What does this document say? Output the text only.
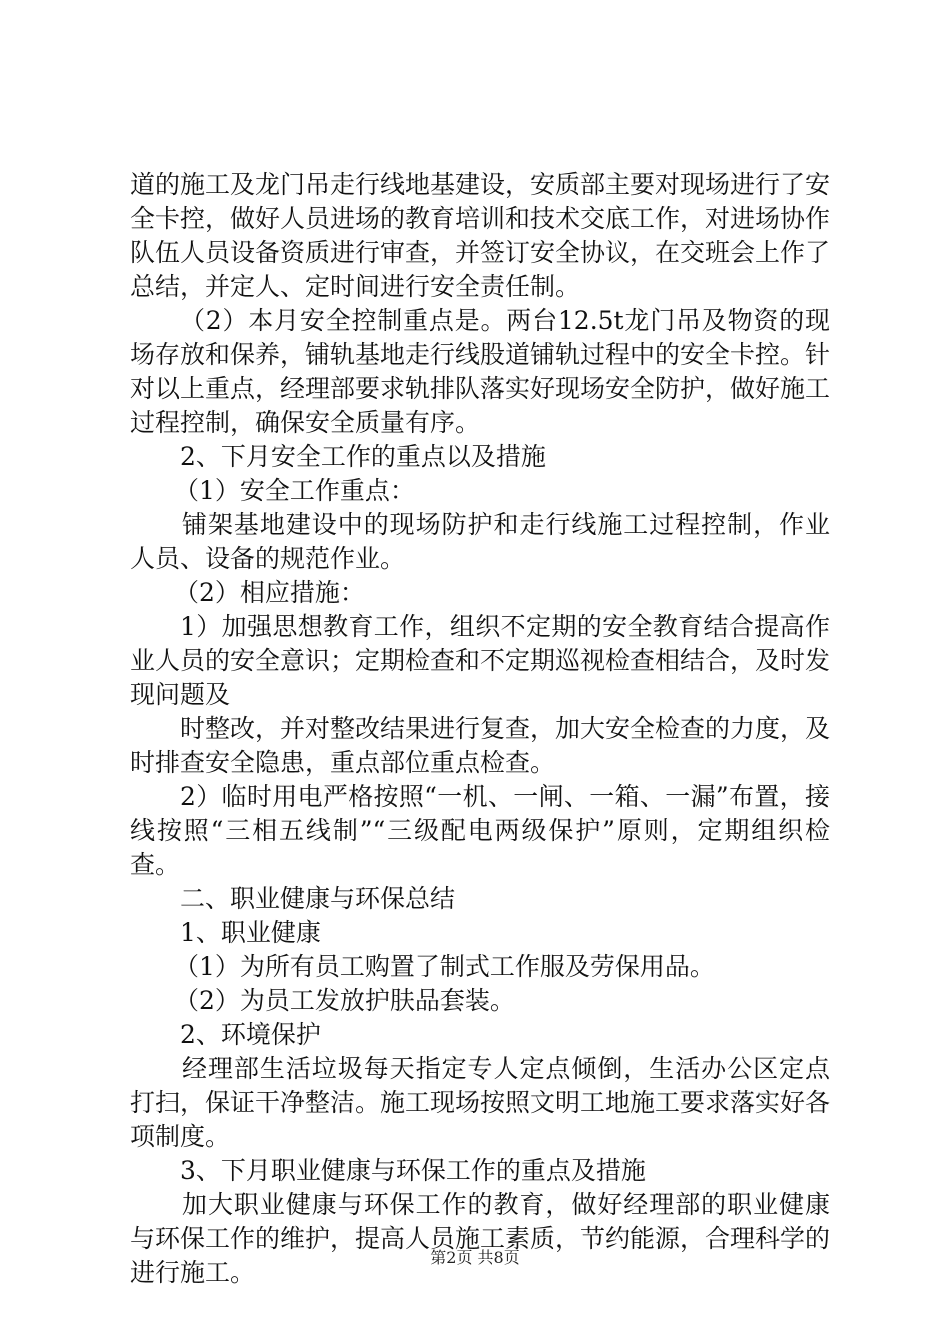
道的施工及龙门吊走行线地基建设，安质部主要对现场进行了安全卡控，做好人员进场的教育培训和技术交底工作，对进场协作队伍人员设备资质进行审查，并签订安全协议，在交班会上作了总结，并定人、定时间进行安全责任制。

（2）本月安全控制重点是。两台12.5t龙门吊及物资的现场存放和保养，铺轨基地走行线股道铺轨过程中的安全卡控。针对以上重点，经理部要求轨排队落实好现场安全防护，做好施工过程控制，确保安全质量有序。

2、下月安全工作的重点以及措施

（1）安全工作重点：

铺架基地建设中的现场防护和走行线施工过程控制，作业人员、设备的规范作业。

（2）相应措施：

1）加强思想教育工作，组织不定期的安全教育结合提高作业人员的安全意识；定期检查和不定期巡视检查相结合，及时发现问题及

时整改，并对整改结果进行复查，加大安全检查的力度，及时排查安全隐患，重点部位重点检查。

2）临时用电严格按照“一机、一闸、一箱、一漏”布置，接线按照“三相五线制”“三级配电两级保护”原则，定期组织检查。

二、职业健康与环保总结

1、职业健康

（1）为所有员工购置了制式工作服及劳保用品。

（2）为员工发放护肤品套装。

2、环境保护

经理部生活垃圾每天指定专人定点倾倒，生活办公区定点打扫，保证干净整洁。施工现场按照文明工地施工要求落实好各项制度。

3、下月职业健康与环保工作的重点及措施

加大职业健康与环保工作的教育，做好经理部的职业健康与环保工作的维护，提高人员施工素质，节约能源，合理科学的进行施工。

第2页 共8页
